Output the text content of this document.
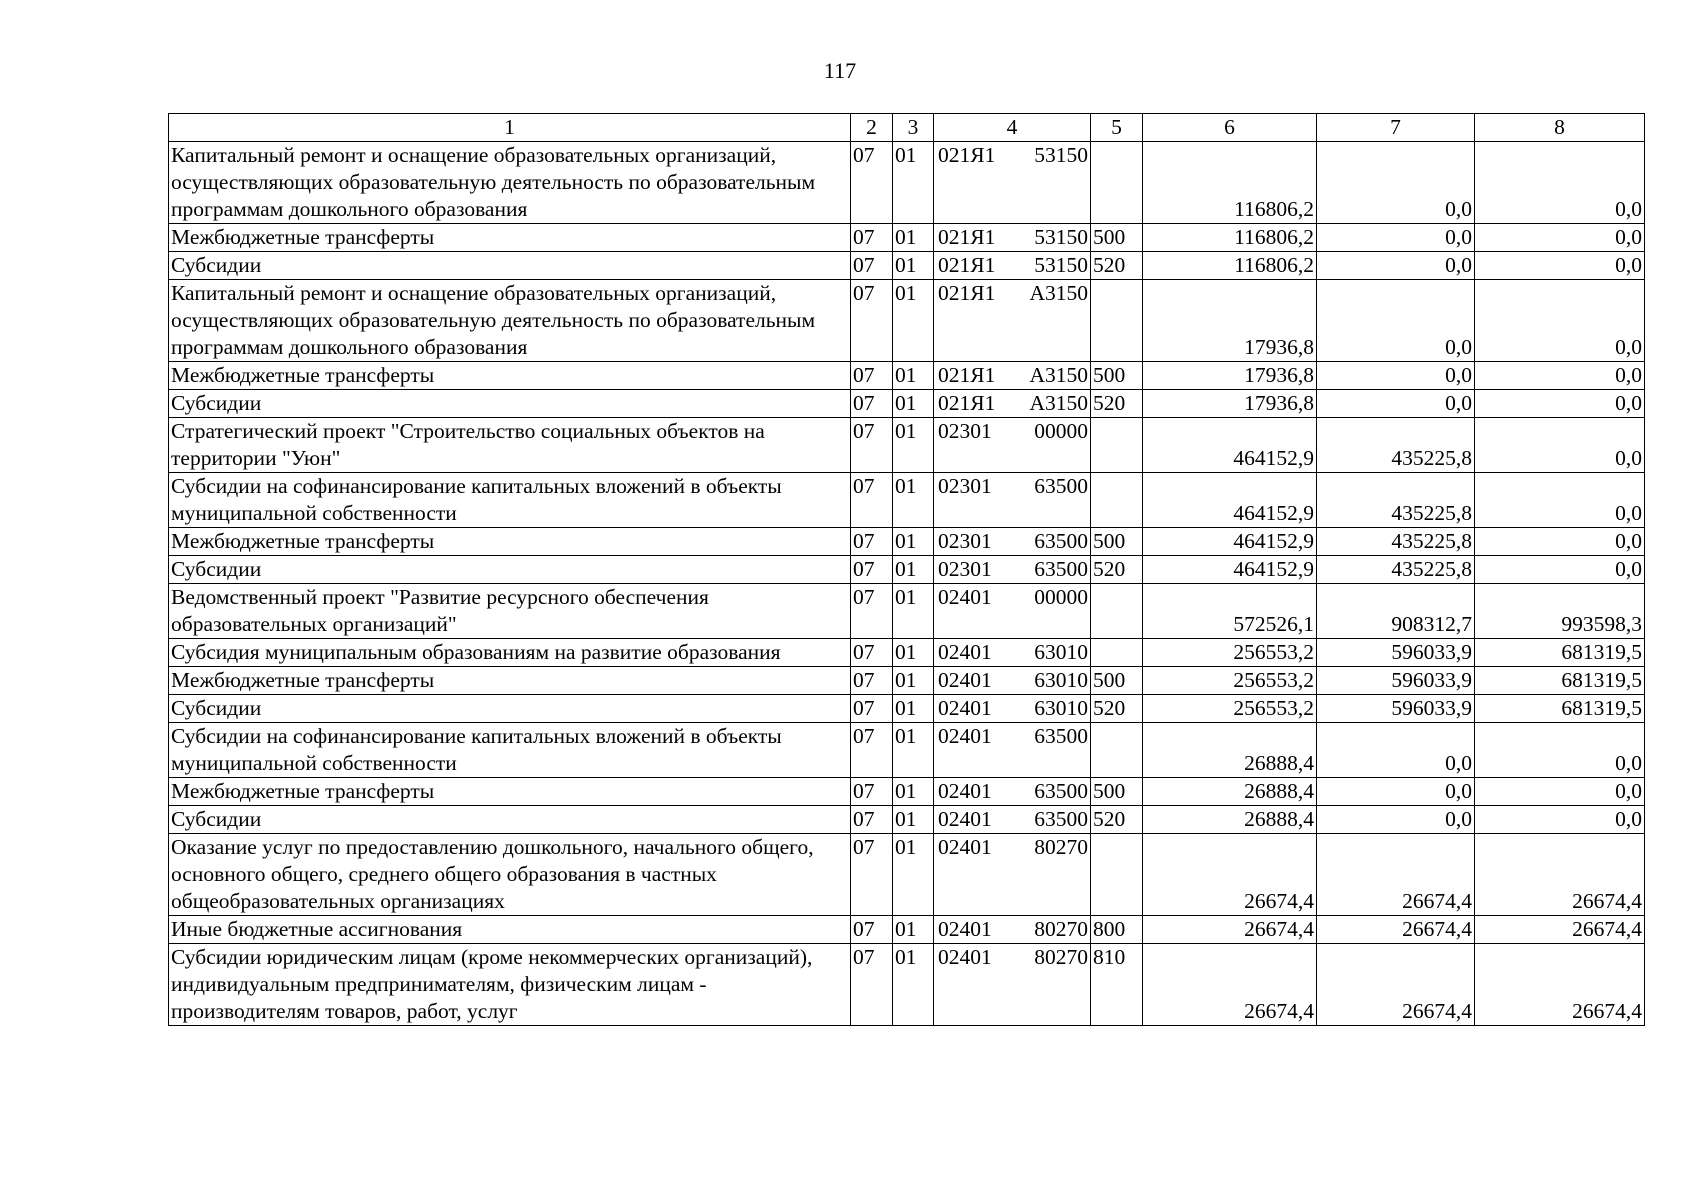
117
1	2	3	4	5	6	7	8
Капитальный ремонт и оснащение образовательных организаций, осуществляющих образовательную деятельность по образовательным программам дошкольного образования	07	01	021Я1 53150		116806,2	0,0	0,0
Межбюджетные трансферты	07	01	021Я1 53150	500	116806,2	0,0	0,0
Субсидии	07	01	021Я1 53150	520	116806,2	0,0	0,0
Капитальный ремонт и оснащение образовательных организаций, осуществляющих образовательную деятельность по образовательным программам дошкольного образования	07	01	021Я1 А3150		17936,8	0,0	0,0
Межбюджетные трансферты	07	01	021Я1 А3150	500	17936,8	0,0	0,0
Субсидии	07	01	021Я1 А3150	520	17936,8	0,0	0,0
Стратегический проект "Строительство социальных объектов на территории "Уюн"	07	01	02301 00000		464152,9	435225,8	0,0
Субсидии на софинансирование капитальных вложений в объекты муниципальной собственности	07	01	02301 63500		464152,9	435225,8	0,0
Межбюджетные трансферты	07	01	02301 63500	500	464152,9	435225,8	0,0
Субсидии	07	01	02301 63500	520	464152,9	435225,8	0,0
Ведомственный проект "Развитие ресурсного обеспечения образовательных организаций"	07	01	02401 00000		572526,1	908312,7	993598,3
Субсидия муниципальным образованиям на развитие образования	07	01	02401 63010		256553,2	596033,9	681319,5
Межбюджетные трансферты	07	01	02401 63010	500	256553,2	596033,9	681319,5
Субсидии	07	01	02401 63010	520	256553,2	596033,9	681319,5
Субсидии на софинансирование капитальных вложений в объекты муниципальной собственности	07	01	02401 63500		26888,4	0,0	0,0
Межбюджетные трансферты	07	01	02401 63500	500	26888,4	0,0	0,0
Субсидии	07	01	02401 63500	520	26888,4	0,0	0,0
Оказание услуг по предоставлению дошкольного, начального общего, основного общего, среднего общего образования в частных общеобразовательных организациях	07	01	02401 80270		26674,4	26674,4	26674,4
Иные бюджетные ассигнования	07	01	02401 80270	800	26674,4	26674,4	26674,4
Субсидии юридическим лицам (кроме некоммерческих организаций), индивидуальным предпринимателям, физическим лицам - производителям товаров, работ, услуг	07	01	02401 80270	810	26674,4	26674,4	26674,4
